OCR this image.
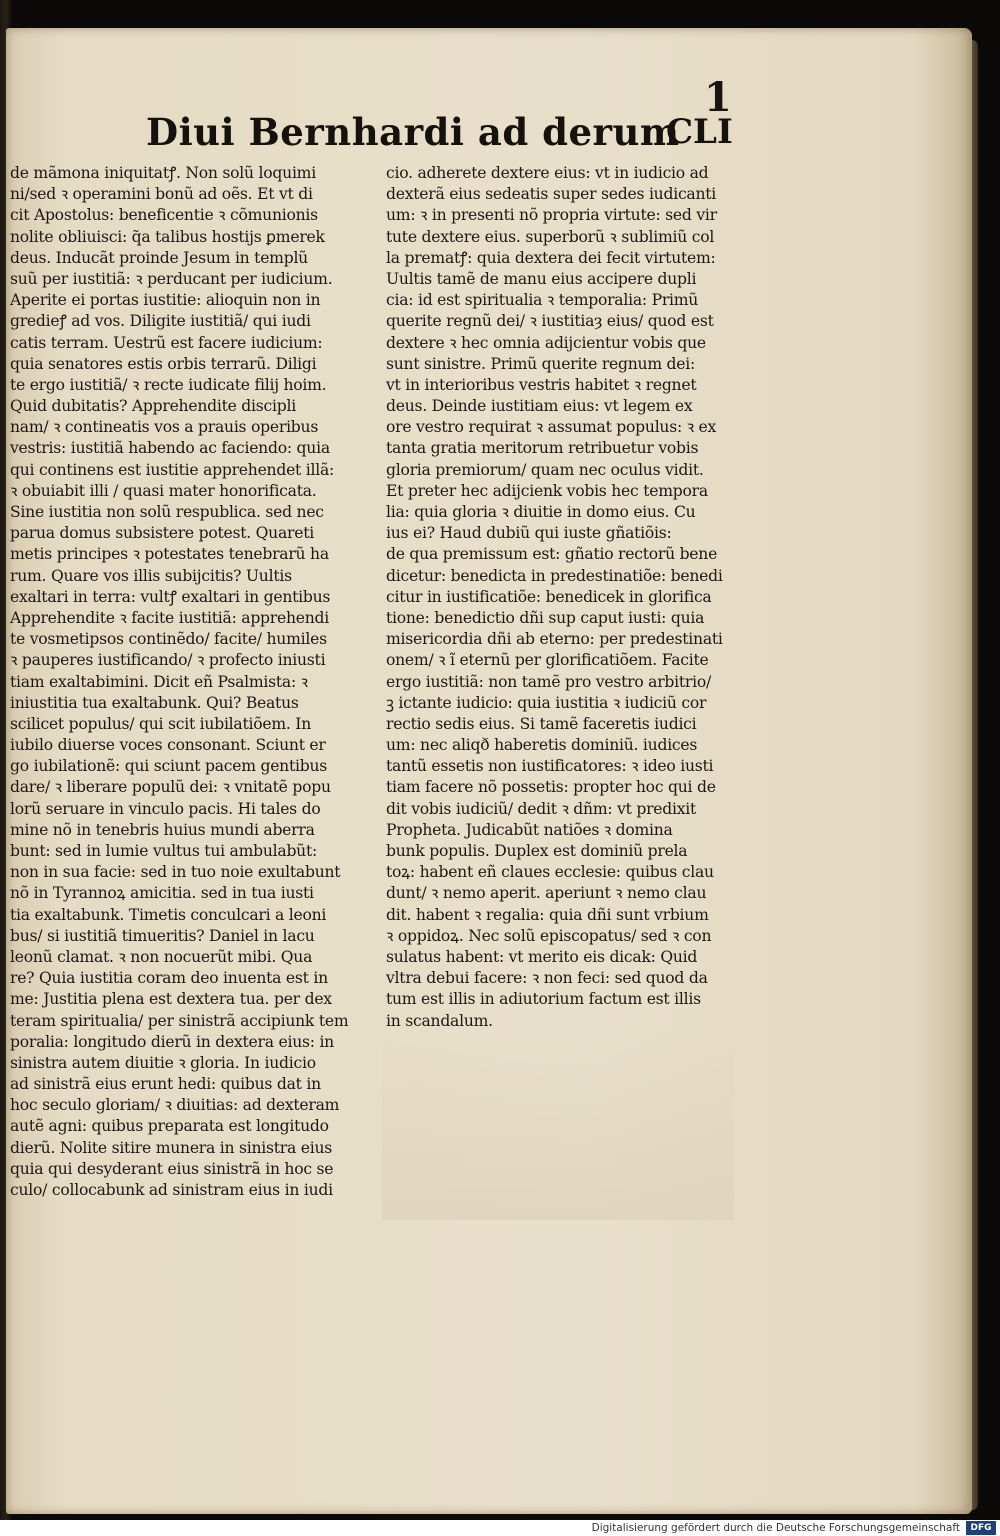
1
Diui Bernhardi ad derum
CLI
de mãmona iniquitatꝭ. Non solũ loquimi
ni/sed ꝛ operamini bonũ ad oẽs. Et vt di
cit Apostolus: beneficentie ꝛ cõmunionis
nolite obliuisci: q̃a talibus hostijs ꝑmerek
deus. Inducãt proinde Jesum in templũ
suũ per iustitiã: ꝛ perducant per iudicium.
Aperite ei portas iustitie: alioquin non in
gredieꝭ ad vos. Diligite iustitiã/ qui iudi
catis terram. Uestrũ est facere iudicium:
quia senatores estis orbis terrarũ. Diligi
te ergo iustitiã/ ꝛ recte iudicate filij hoim.
Quid dubitatis? Apprehendite discipli
nam/ ꝛ contineatis vos a prauis operibus
vestris: iustitiã habendo ac faciendo: quia
qui continens est iustitie apprehendet illã:
ꝛ obuiabit illi / quasi mater honorificata.
Sine iustitia non solũ respublica. sed nec
parua domus subsistere potest. Quareti
metis principes ꝛ potestates tenebrarũ ha
rum. Quare vos illis subijcitis? Uultis
exaltari in terra: vultꝭ exaltari in gentibus
Apprehendite ꝛ facite iustitiã: apprehendi
te vosmetipsos continẽdo/ facite/ humiles
ꝛ pauperes iustificando/ ꝛ profecto iniusti
tiam exaltabimini. Dicit eñ Psalmista: ꝛ
iniustitia tua exaltabunk. Qui? Beatus
scilicet populus/ qui scit iubilatiõem. In
iubilo diuerse voces consonant. Sciunt er
go iubilationẽ: qui sciunt pacem gentibus
dare/ ꝛ liberare populũ dei: ꝛ vnitatẽ popu
lorũ seruare in vinculo pacis. Hi tales do
mine nõ in tenebris huius mundi aberra
bunt: sed in lumie vultus tui ambulabũt:
non in sua facie: sed in tuo noie exultabunt
nõ in Tyrannoꝝ amicitia. sed in tua iusti
tia exaltabunk. Timetis conculcari a leoni
bus/ si iustitiã timueritis? Daniel in lacu
leonũ clamat. ꝛ non nocuerũt mibi. Qua
re? Quia iustitia coram deo inuenta est in
me: Justitia plena est dextera tua. per dex
teram spiritualia/ per sinistrã accipiunk tem
poralia: longitudo dierũ in dextera eius: in
sinistra autem diuitie ꝛ gloria. In iudicio
ad sinistrã eius erunt hedi: quibus dat in
hoc seculo gloriam/ ꝛ diuitias: ad dexteram
autẽ agni: quibus preparata est longitudo
dierũ. Nolite sitire munera in sinistra eius
quia qui desyderant eius sinistrã in hoc se
culo/ collocabunk ad sinistram eius in iudi
cio. adherete dextere eius: vt in iudicio ad
dexterã eius sedeatis super sedes iudicanti
um: ꝛ in presenti nõ propria virtute: sed vir
tute dextere eius. superborũ ꝛ sublimiũ col
la prematꝭ: quia dextera dei fecit virtutem:
Uultis tamẽ de manu eius accipere dupli
cia: id est spiritualia ꝛ temporalia: Primũ
querite regnũ dei/ ꝛ iustitiaȝ eius/ quod est
dextere ꝛ hec omnia adijcientur vobis que
sunt sinistre. Primũ querite regnum dei:
vt in interioribus vestris habitet ꝛ regnet
deus. Deinde iustitiam eius: vt legem ex
ore vestro requirat ꝛ assumat populus: ꝛ ex
tanta gratia meritorum retribuetur vobis
gloria premiorum/ quam nec oculus vidit.
Et preter hec adijcienk vobis hec tempora
lia: quia gloria ꝛ diuitie in domo eius. Cu
ius ei? Haud dubiũ qui iuste gñatiõis:
de qua premissum est: gñatio rectorũ bene
dicetur: benedicta in predestinatiõe: benedi
citur in iustificatiõe: benedicek in glorifica
tione: benedictio dñi sup caput iusti: quia
misericordia dñi ab eterno: per predestinati
onem/ ꝛ ĩ eternũ per glorificatiõem. Facite
ergo iustitiã: non tamẽ pro vestro arbitrio/
ꝫ ictante iudicio: quia iustitia ꝛ iudiciũ cor
rectio sedis eius. Si tamẽ faceretis iudici
um: nec aliqð haberetis dominiũ. iudices
tantũ essetis non iustificatores: ꝛ ideo iusti
tiam facere nõ possetis: propter hoc qui de
dit vobis iudiciũ/ dedit ꝛ dñm: vt predixit
Propheta. Judicabũt natiões ꝛ domina
bunk populis. Duplex est dominiũ prela
toꝝ: habent eñ claues ecclesie: quibus clau
dunt/ ꝛ nemo aperit. aperiunt ꝛ nemo clau
dit. habent ꝛ regalia: quia dñi sunt vrbium
ꝛ oppidoꝝ. Nec solũ episcopatus/ sed ꝛ con
sulatus habent: vt merito eis dicak: Quid
vltra debui facere: ꝛ non feci: sed quod da
tum est illis in adiutorium factum est illis
in scandalum.
Digitalisierung gefördert durch die Deutsche Forschungsgemeinschaft	DFG
